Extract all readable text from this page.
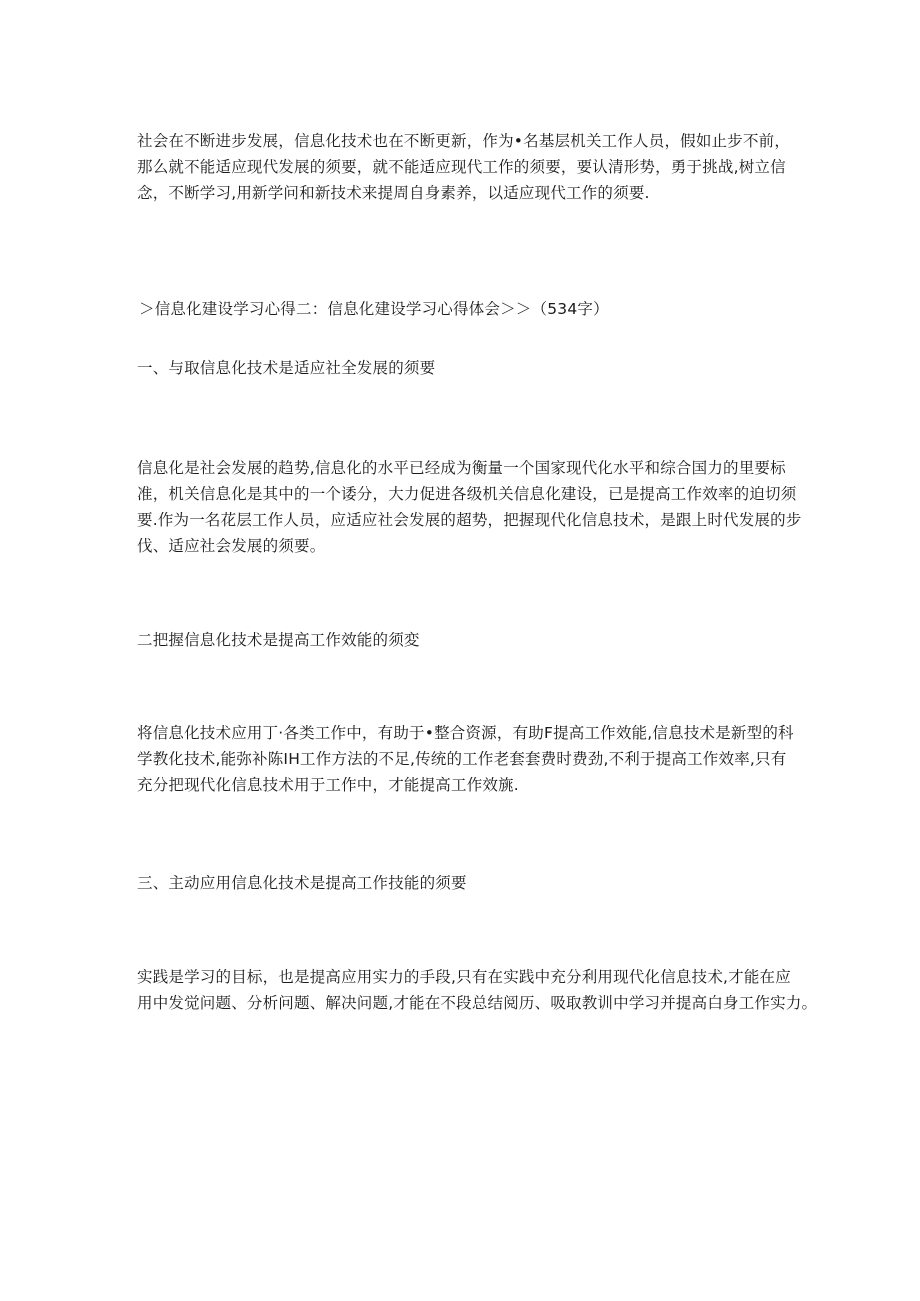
社会在不断进步发展，信息化技术也在不断更新，作为•名基层机关工作人员，假如止步不前，
那么就不能适应现代发展的须要，就不能适应现代工作的须要，要认清形势，勇于挑战,树立信
念，不断学习,用新学问和新技术来提周自身素养，以适应现代工作的须要.
＞信息化建设学习心得二：信息化建设学习心得体会＞＞（534字）
一、与取信息化技术是适应社全发展的须要
信息化是社会发展的趋势,信息化的水平已经成为衡量一个国家现代化水平和综合国力的里要标
准，机关信息化是其中的一个诿分，大力促进各级机关信息化建设，已是提高工作效率的迫切须
要.作为一名花层工作人员，应适应社会发展的超势，把握现代化信息技术，是跟上时代发展的步
伐、适应社会发展的须要。
二把握信息化技术是提高工作效能的须変
将信息化技术应用丁·各类工作中，有助于•整合资源，有助F提高工作效能,信息技术是新型的科
学教化技术,能弥补陈IH工作方法的不足,传统的工作老套套费时费劲,不利于提高工作效率,只有
充分把现代化信息技术用于工作中，才能提高工作效旐.
三、主动应用信息化技术是提高工作技能的须要
实践是学习的目标，也是提高应用实力的手段,只有在实践中充分利用现代化信息技术,才能在应
用中发觉问题、分析问题、解决问题,才能在不段总结阅历、吸取教训中学习并提高白身工作实力。
